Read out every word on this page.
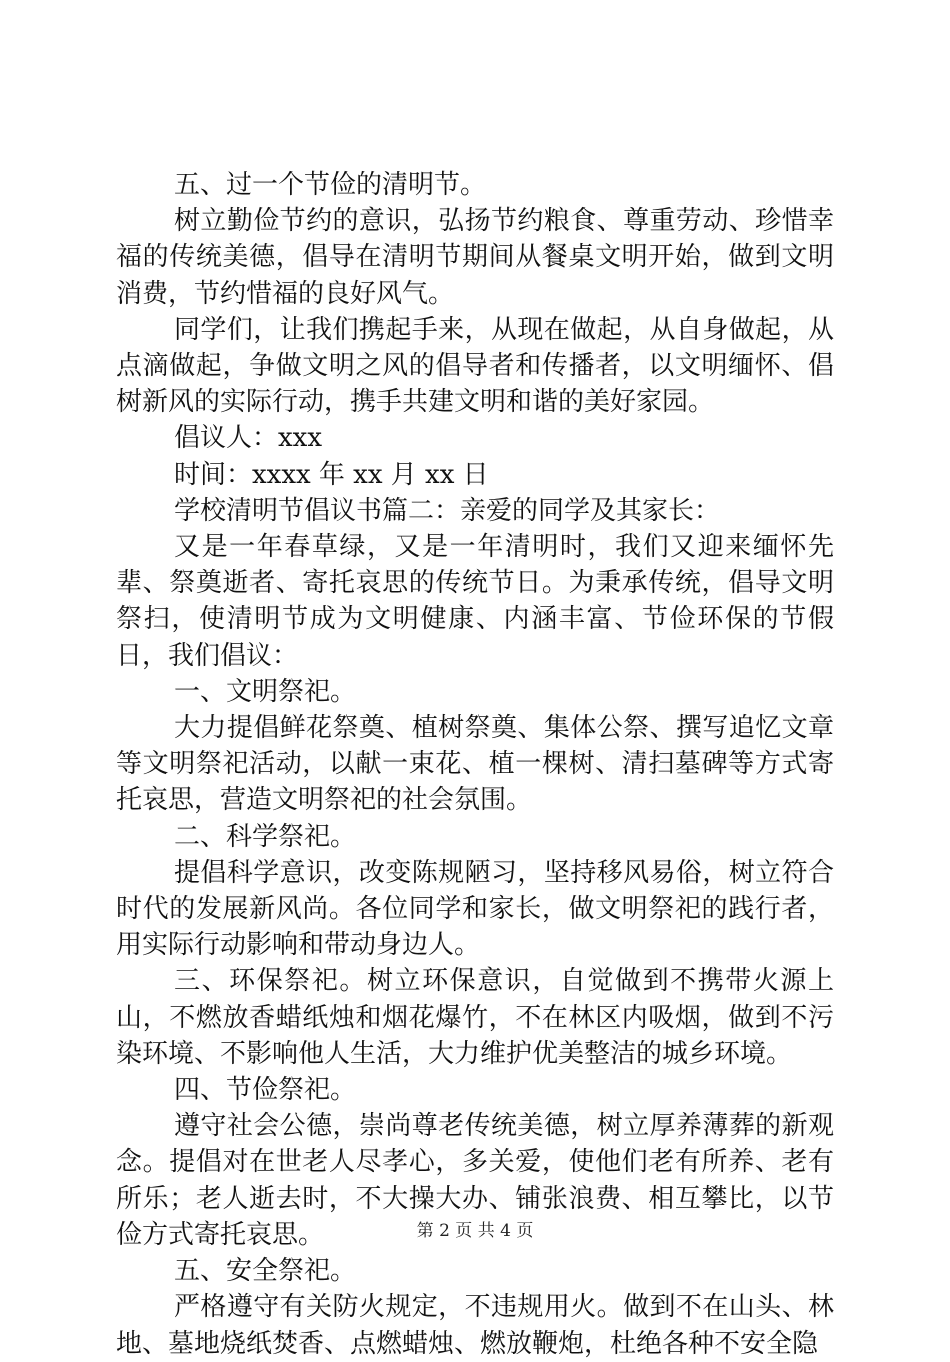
五、过一个节俭的清明节。

树立勤俭节约的意识，弘扬节约粮食、尊重劳动、珍惜幸福的传统美德，倡导在清明节期间从餐桌文明开始，做到文明消费，节约惜福的良好风气。

同学们，让我们携起手来，从现在做起，从自身做起，从点滴做起，争做文明之风的倡导者和传播者，以文明缅怀、倡树新风的实际行动，携手共建文明和谐的美好家园。

倡议人：xxx

时间：xxxx 年 xx 月 xx 日

学校清明节倡议书篇二：亲爱的同学及其家长：

又是一年春草绿，又是一年清明时，我们又迎来缅怀先辈、祭奠逝者、寄托哀思的传统节日。为秉承传统，倡导文明祭扫，使清明节成为文明健康、内涵丰富、节俭环保的节假日，我们倡议：

一、文明祭祀。

大力提倡鲜花祭奠、植树祭奠、集体公祭、撰写追忆文章等文明祭祀活动，以献一束花、植一棵树、清扫墓碑等方式寄托哀思，营造文明祭祀的社会氛围。

二、科学祭祀。

提倡科学意识，改变陈规陋习，坚持移风易俗，树立符合时代的发展新风尚。各位同学和家长，做文明祭祀的践行者，用实际行动影响和带动身边人。

三、环保祭祀。树立环保意识，自觉做到不携带火源上山，不燃放香蜡纸烛和烟花爆竹，不在林区内吸烟，做到不污染环境、不影响他人生活，大力维护优美整洁的城乡环境。

四、节俭祭祀。

遵守社会公德，崇尚尊老传统美德，树立厚养薄葬的新观念。提倡对在世老人尽孝心，多关爱，使他们老有所养、老有所乐；老人逝去时，不大操大办、铺张浪费、相互攀比，以节俭方式寄托哀思。

五、安全祭祀。

严格遵守有关防火规定，不违规用火。做到不在山头、林地、墓地烧纸焚香、点燃蜡烛、燃放鞭炮，杜绝各种不安全隐

第 2 页 共 4 页
